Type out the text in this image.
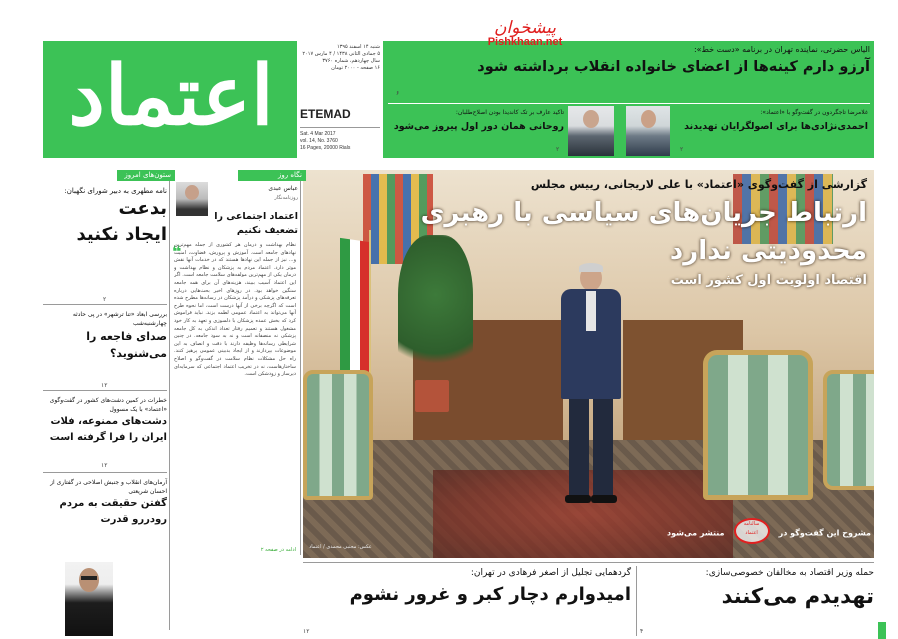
اعتماد
شنبه ۱۴ اسفند ۱۳۹۵
۵ جمادی الثانی ۱۴۳۸ / ۴ مارس ۲۰۱۷
سال چهاردهم، شماره ۳۷۶۰
۱۶ صفحه - ۲۰۰۰ تومان
ETEMAD
Sat. 4 Mar 2017
vol. 14, No. 3760
16 Pages, 20000 Rials
پیشخوان
Pishkhaan.net
الیاس حضرتی، نماینده تهران در برنامه «دست خط»:
آرزو دارم کینه‌ها از اعضای خانواده انقلاب برداشته شود
۶
غلامرضا تاجگردون در گفت‌وگو با «اعتماد»:
احمدی‌نژادی‌ها برای اصولگرایان تهدیدند
۲
تاکید عارف بر تک کاندیدا بودن اصلاح‌طلبان:
روحانی همان دور اول پیروز می‌شود
۲
گزارشی از گفت‌وگوی «اعتماد» با علی لاریجانی، رییس مجلس
ارتباط جریان‌های سیاسی با رهبری
محدودیتی ندارد
اقتصاد اولویت اول کشور است
مشروح این گفت‌وگو در سالنامه
اعتماد منتشر می‌شود
عکس: مجتبی محمدی / اعتماد
نگاه روز
عباس عبدی
روزنامه‌نگار
اعتماد اجتماعی را
تضعیف نکنیم
❝
نظام بهداشت و درمان هر کشوری از جمله مهم‌ترین نهادهای جامعه است. آموزش و پرورش، قضاوت، امنیت و... نیز از جمله این نهادها هستند که در خدمات آنها نقش موثر دارد. اعتماد مردم به پزشکان و نظام بهداشت و درمان یکی از مهم‌ترین مولفه‌های سلامت جامعه است. اگر این اعتماد آسیب ببیند، هزینه‌های آن برای همه جامعه سنگین خواهد بود. در روزهای اخیر بحث‌هایی درباره تعرفه‌های پزشکی و درآمد پزشکان در رسانه‌ها مطرح شده است که اگرچه برخی از آنها درست است، اما نحوه طرح آنها می‌تواند به اعتماد عمومی لطمه بزند. نباید فراموش کرد که بخش عمده پزشکان با دلسوزی و تعهد به کار خود مشغول هستند و تعمیم رفتار تعداد اندکی به کل جامعه پزشکی نه منصفانه است و نه به سود جامعه. در چنین شرایطی رسانه‌ها وظیفه دارند با دقت و انصاف به این موضوعات بپردازند و از ایجاد بدبینی عمومی پرهیز کنند. راه حل مشکلات نظام سلامت در گفت‌وگو و اصلاح ساختارهاست، نه در تخریب اعتماد اجتماعی که سرمایه‌ای دیرساز و زودشکن است.
ادامه در صفحه ۲
ستون‌های امروز
نامه مطهری به دبیر شورای نگهبان:
بدعت
ایجاد نکنید
۲
بررسی ابعاد «تنا ترشهر» در پی حادثه چهارشنبه‌شب
صدای فاجعه را
می‌شنوید؟
۱۲
خطرات در کمین دشت‌های کشور در گفت‌وگوی «اعتماد» با یک مسوول
دشت‌های ممنوعه، فلات
ایران را فرا گرفته است
۱۲
آرمان‌های انقلاب و جنبش اصلاحی در گفتاری از احسان شریعتی
گفتن حقیقت به مردم
رودررو قدرت
حمله وزیر اقتصاد به مخالفان خصوصی‌سازی:
تهدیدم می‌کنند
۴
گردهمایی تجلیل از اصغر فرهادی در تهران:
امیدوارم دچار کبر و غرور نشوم
۱۲
